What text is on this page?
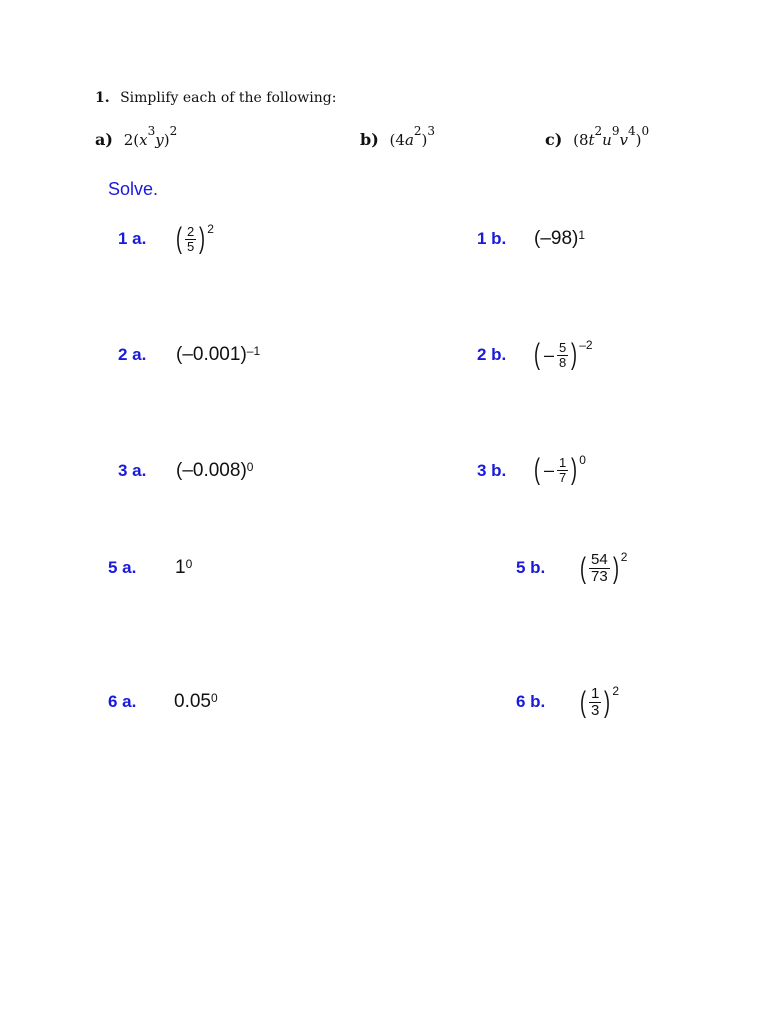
1. Simplify each of the following:
a) $2(x^3y)^2$	b) $(4a^2)^3$	c) $(8t^2u^9v^4)^0$
Solve.
1 a. ( $\frac{2}{5} )^2$	1 b. $(-98)^1$
2 a. $(-0.001)^{-1}$	2 b. ( – $\frac{5}{8} )^{-2}$
3 a. $(-0.008)^0$	3 b. ( – $\frac{1}{7} )^0$
5 a. $1^0$	5 b. ( $\frac{54}{73} )^2$
6 a. 0.05$^0$	6 b. ( $\frac{1}{3} )^2$
